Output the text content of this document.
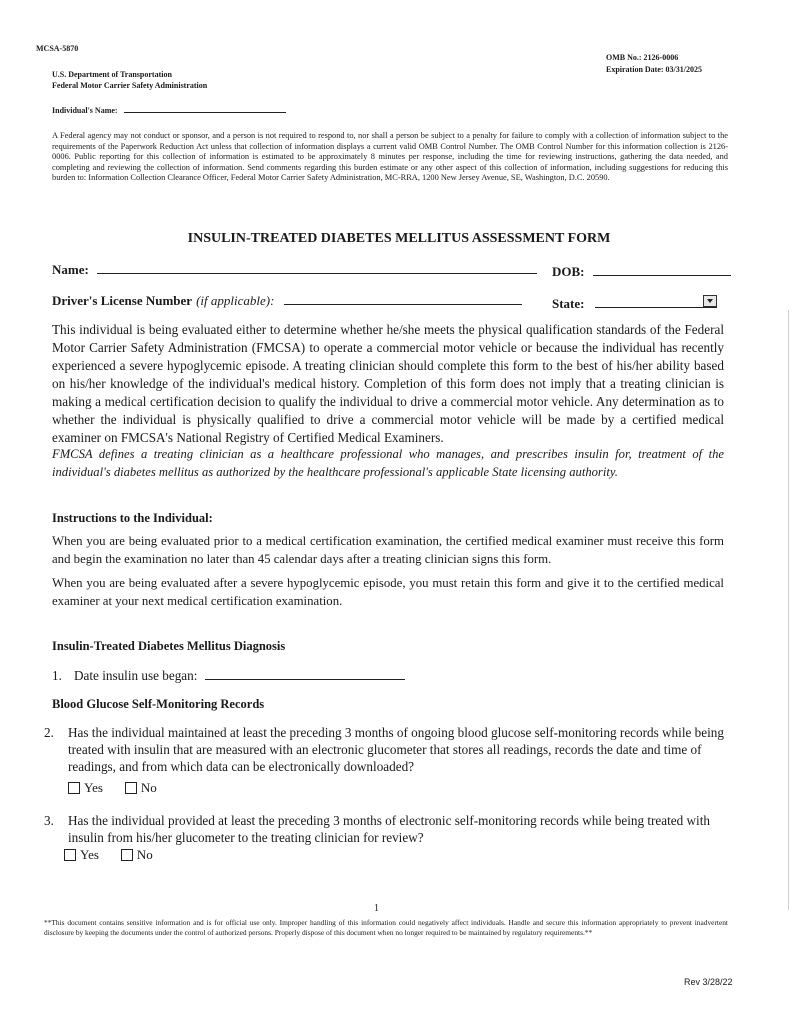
MCSA-5870
U.S. Department of Transportation
Federal Motor Carrier Safety Administration
Individual's Name:
OMB No.: 2126-0006
Expiration Date: 03/31/2025
A Federal agency may not conduct or sponsor, and a person is not required to respond to, nor shall a person be subject to a penalty for failure to comply with a collection of information subject to the requirements of the Paperwork Reduction Act unless that collection of information displays a current valid OMB Control Number. The OMB Control Number for this information collection is 2126-0006. Public reporting for this collection of information is estimated to be approximately 8 minutes per response, including the time for reviewing instructions, gathering the data needed, and completing and reviewing the collection of information. Send comments regarding this burden estimate or any other aspect of this collection of information, including suggestions for reducing this burden to: Information Collection Clearance Officer, Federal Motor Carrier Safety Administration, MC-RRA, 1200 New Jersey Avenue, SE, Washington, D.C. 20590.
INSULIN-TREATED DIABETES MELLITUS ASSESSMENT FORM
Name:	DOB:
Driver's License Number (if applicable):	State:
This individual is being evaluated either to determine whether he/she meets the physical qualification standards of the Federal Motor Carrier Safety Administration (FMCSA) to operate a commercial motor vehicle or because the individual has recently experienced a severe hypoglycemic episode. A treating clinician should complete this form to the best of his/her ability based on his/her knowledge of the individual's medical history. Completion of this form does not imply that a treating clinician is making a medical certification decision to qualify the individual to drive a commercial motor vehicle. Any determination as to whether the individual is physically qualified to drive a commercial motor vehicle will be made by a certified medical examiner on FMCSA's National Registry of Certified Medical Examiners.
FMCSA defines a treating clinician as a healthcare professional who manages, and prescribes insulin for, treatment of the individual's diabetes mellitus as authorized by the healthcare professional's applicable State licensing authority.
Instructions to the Individual:
When you are being evaluated prior to a medical certification examination, the certified medical examiner must receive this form and begin the examination no later than 45 calendar days after a treating clinician signs this form.
When you are being evaluated after a severe hypoglycemic episode, you must retain this form and give it to the certified medical examiner at your next medical certification examination.
Insulin-Treated Diabetes Mellitus Diagnosis
1. Date insulin use began:
Blood Glucose Self-Monitoring Records
2. Has the individual maintained at least the preceding 3 months of ongoing blood glucose self-monitoring records while being treated with insulin that are measured with an electronic glucometer that stores all readings, records the date and time of readings, and from which data can be electronically downloaded?
Yes
	No
3. Has the individual provided at least the preceding 3 months of electronic self-monitoring records while being treated with insulin from his/her glucometer to the treating clinician for review?
Yes
	No
1
**This document contains sensitive information and is for official use only. Improper handling of this information could negatively affect individuals. Handle and secure this information appropriately to prevent inadvertent disclosure by keeping the documents under the control of authorized persons. Properly dispose of this document when no longer required to be maintained by regulatory requirements.**
Rev 3/28/22
